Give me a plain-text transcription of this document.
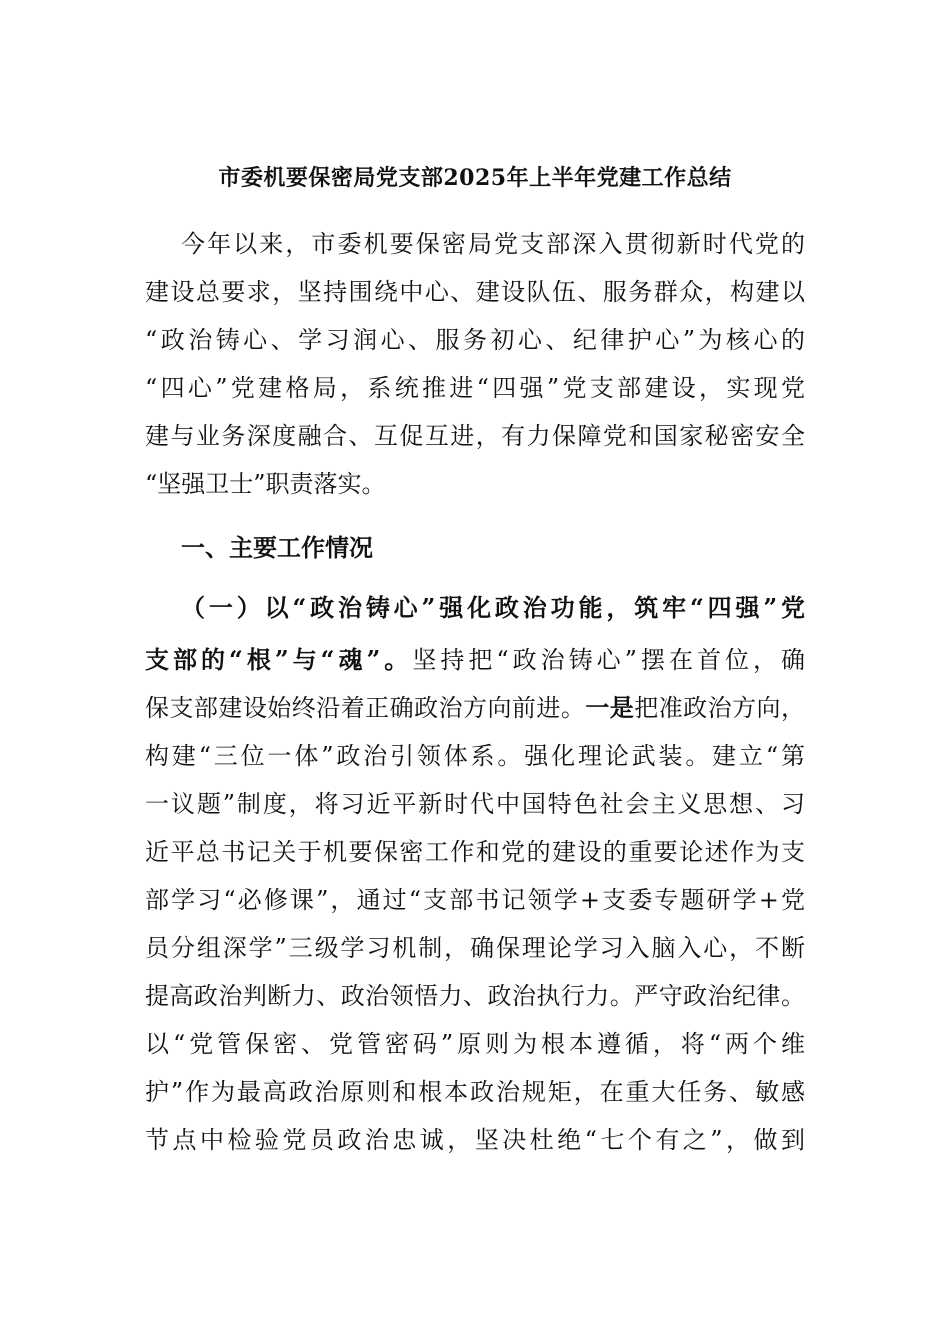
市委机要保密局党支部2025年上半年党建工作总结
今年以来，市委机要保密局党支部深入贯彻新时代党的
建设总要求，坚持围绕中心、建设队伍、服务群众，构建以
“政治铸心、学习润心、服务初心、纪律护心”为核心的
“四心”党建格局，系统推进“四强”党支部建设，实现党
建与业务深度融合、互促互进，有力保障党和国家秘密安全
“坚强卫士”职责落实。
一、主要工作情况
（一）以“政治铸心”强化政治功能，筑牢“四强”党
支部的“根”与“魂”。坚持把“政治铸心”摆在首位，确
保支部建设始终沿着正确政治方向前进。一是把准政治方向，
构建“三位一体”政治引领体系。强化理论武装。建立“第
一议题”制度，将习近平新时代中国特色社会主义思想、习
近平总书记关于机要保密工作和党的建设的重要论述作为支
部学习“必修课”，通过“支部书记领学+支委专题研学+党
员分组深学”三级学习机制，确保理论学习入脑入心，不断
提高政治判断力、政治领悟力、政治执行力。严守政治纪律。
以“党管保密、党管密码”原则为根本遵循，将“两个维
护”作为最高政治原则和根本政治规矩，在重大任务、敏感
节点中检验党员政治忠诚，坚决杜绝“七个有之”，做到
